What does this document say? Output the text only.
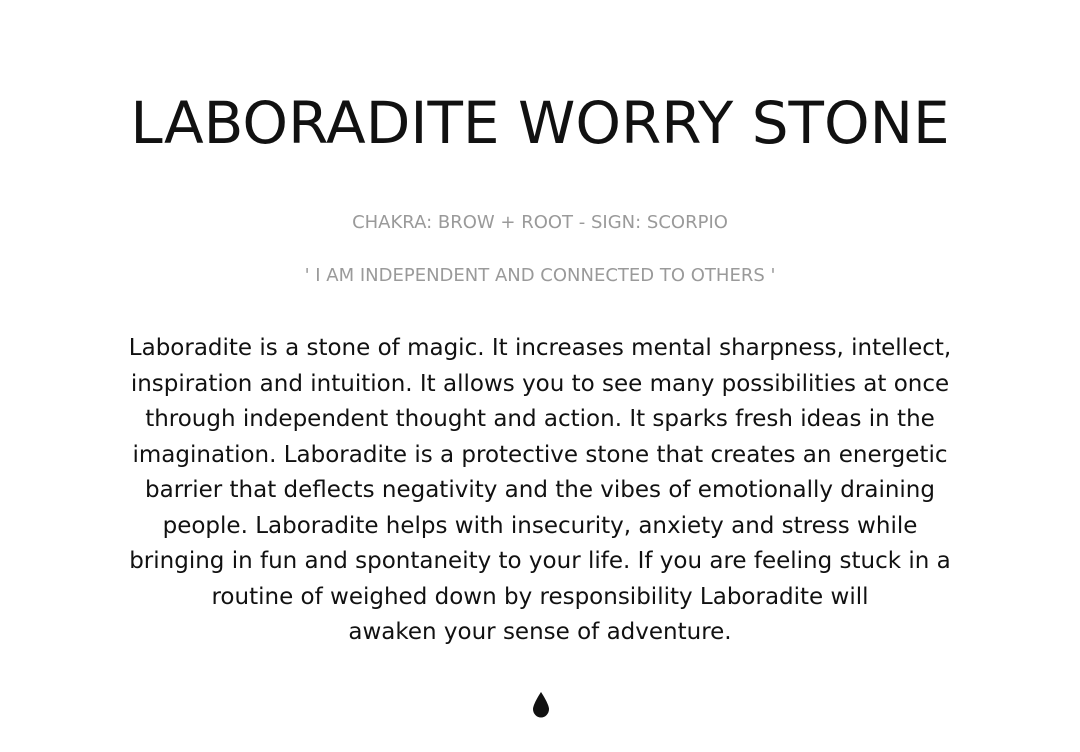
LABORADITE WORRY STONE

CHAKRA: BROW + ROOT - SIGN: SCORPIO

' I AM INDEPENDENT AND CONNECTED TO OTHERS '

Laboradite is a stone of magic. It increases mental sharpness, intellect,
inspiration and intuition. It allows you to see many possibilities at once
through independent thought and action. It sparks fresh ideas in the
imagination. Laboradite is a protective stone that creates an energetic
barrier that deflects negativity and the vibes of emotionally draining
people. Laboradite helps with insecurity, anxiety and stress while
bringing in fun and spontaneity to your life. If you are feeling stuck in a
routine of weighed down by responsibility Laboradite will
awaken your sense of adventure.
